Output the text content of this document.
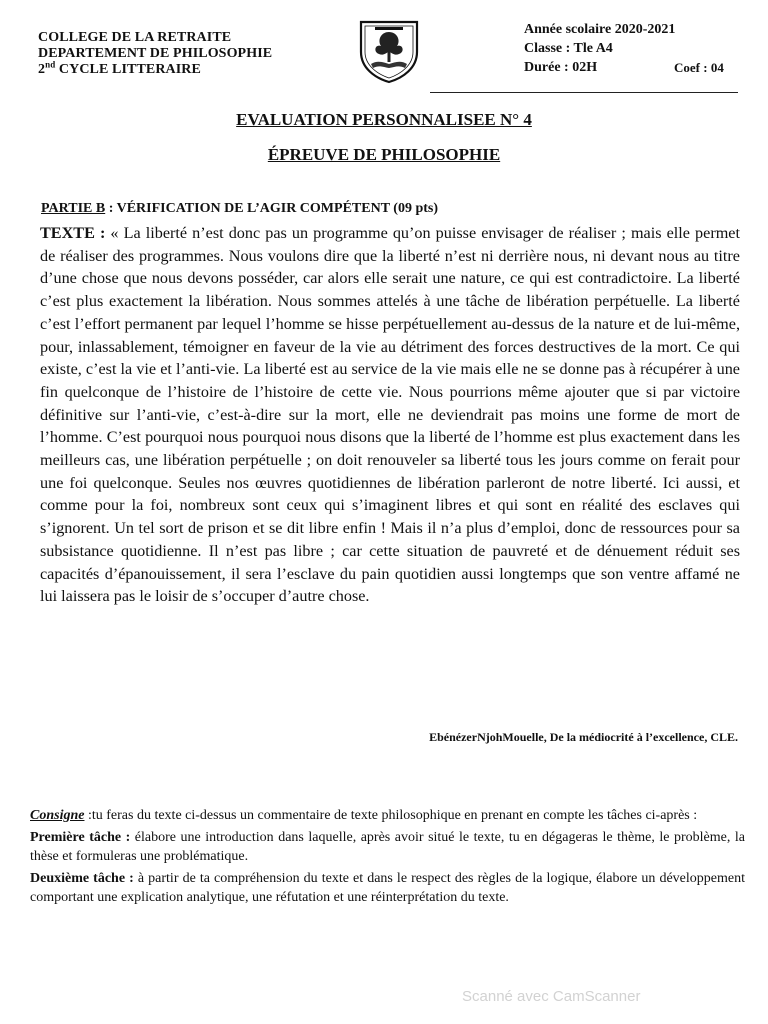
COLLEGE DE LA RETRAITE
DEPARTEMENT DE PHILOSOPHIE
2nd CYCLE LITTERAIRE
Année scolaire 2020-2021
Classe : Tle A4
Durée : 02H	Coef : 04
EVALUATION PERSONNALISEE N° 4
ÉPREUVE DE PHILOSOPHIE
PARTIE B : VÉRIFICATION DE L’AGIR COMPÉTENT (09 pts)
TEXTE : « La liberté n’est donc pas un programme qu’on puisse envisager de réaliser ; mais elle permet de réaliser des programmes. Nous voulons dire que la liberté n’est ni derrière nous, ni devant nous au titre d’une chose que nous devons posséder, car alors elle serait une nature, ce qui est contradictoire. La liberté c’est plus exactement la libération. Nous sommes attelés à une tâche de libération perpétuelle. La liberté c’est l’effort permanent par lequel l’homme se hisse perpétuellement au-dessus de la nature et de lui-même, pour, inlassablement, témoigner en faveur de la vie au détriment des forces destructives de la mort. Ce qui existe, c’est la vie et l’anti-vie. La liberté est au service de la vie mais elle ne se donne pas à récupérer à une fin quelconque de l’histoire de l’histoire de cette vie. Nous pourrions même ajouter que si par victoire définitive sur l’anti-vie, c’est-à-dire sur la mort, elle ne deviendrait pas moins une forme de mort de l’homme. C’est pourquoi nous pourquoi nous disons que la liberté de l’homme est plus exactement dans les meilleurs cas, une libération perpétuelle ; on doit renouveler sa liberté tous les jours comme on ferait pour une foi quelconque. Seules nos œuvres quotidiennes de libération parleront de notre liberté. Ici aussi, et comme pour la foi, nombreux sont ceux qui s’imaginent libres et qui sont en réalité des esclaves qui s’ignorent. Un tel sort de prison et se dit libre enfin ! Mais il n’a plus d’emploi, donc de ressources pour sa subsistance quotidienne. Il n’est pas libre ; car cette situation de pauvreté et de dénuement réduit ses capacités d’épanouissement, il sera l’esclave du pain quotidien aussi longtemps que son ventre affamé ne lui laissera pas le loisir de s’occuper d’autre chose.
EbénézerNjohMouelle, De la médiocrité à l’excellence, CLE.

Consigne :tu feras du texte ci-dessus un commentaire de texte philosophique en prenant en compte les tâches ci-après :

Première tâche : élabore une introduction dans laquelle, après avoir situé le texte, tu en dégageras le thème, le problème, la thèse et formuleras une problématique.

Deuxième tâche : à partir de ta compréhension du texte et dans le respect des règles de la logique, élabore un développement comportant une explication analytique, une réfutation et une réinterprétation du texte.

Scanné avec CamScanner
